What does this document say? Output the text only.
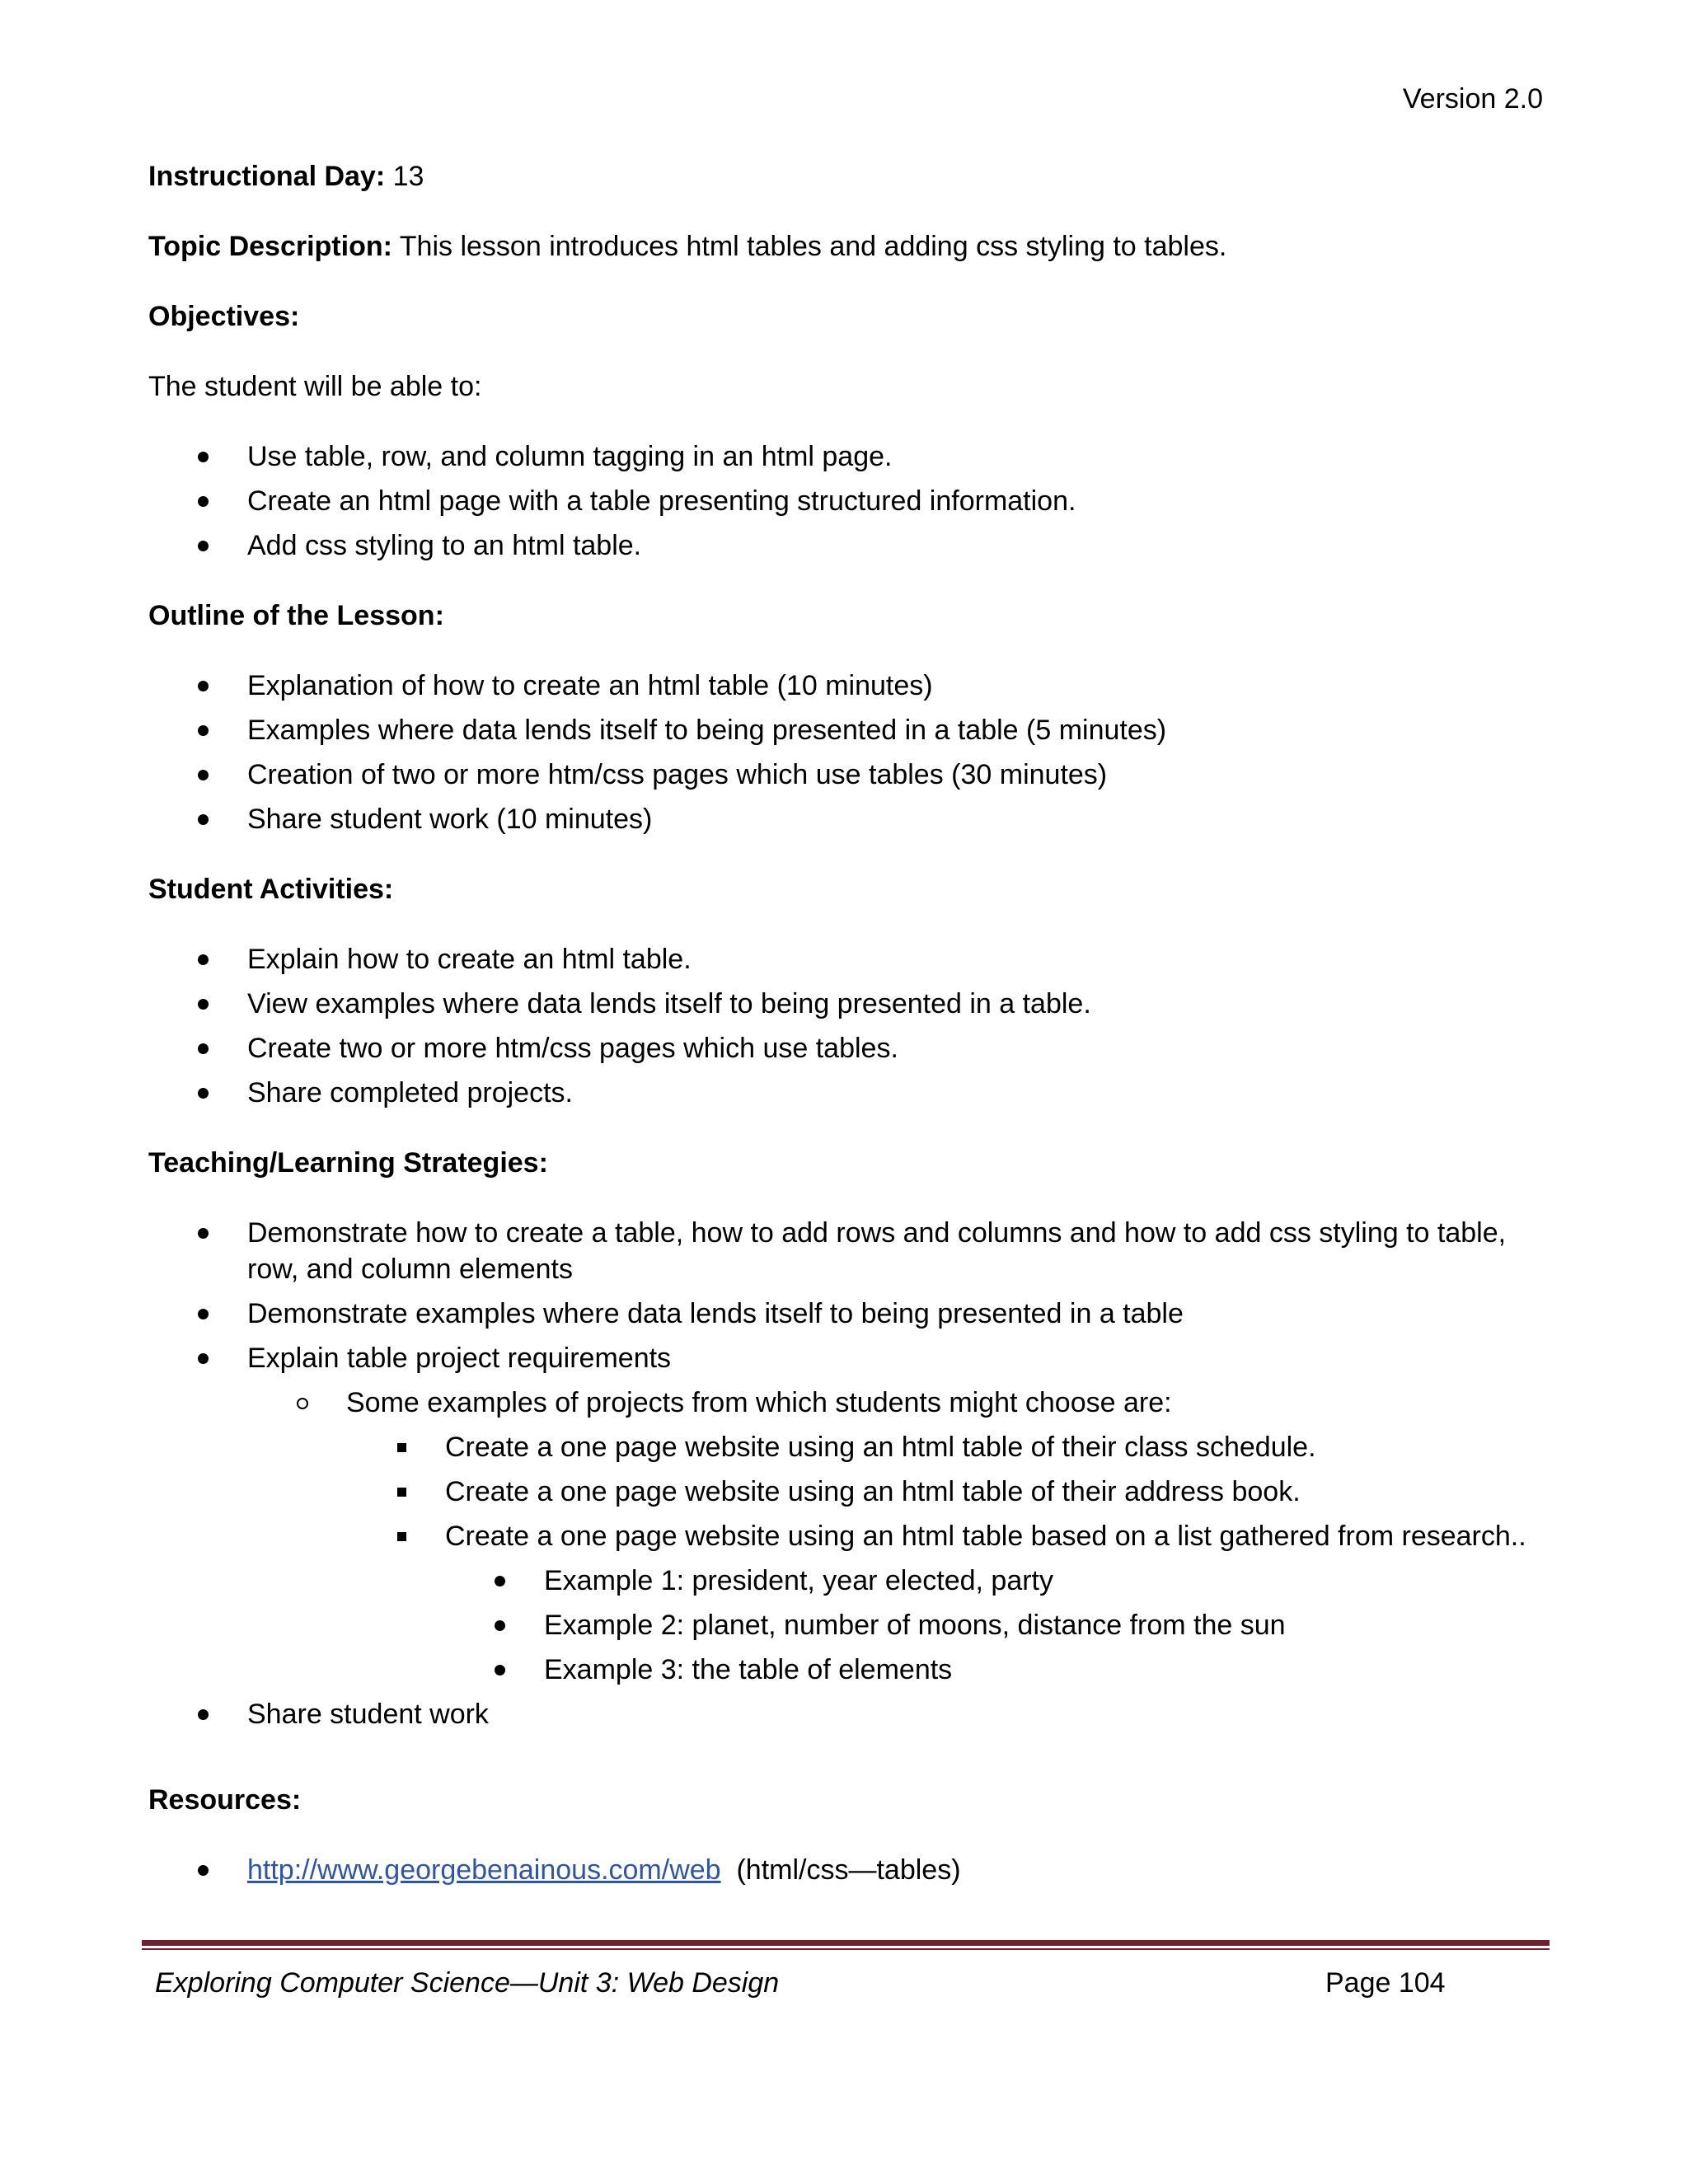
Version 2.0

Instructional Day: 13

Topic Description: This lesson introduces html tables and adding css styling to tables.

Objectives:

The student will be able to:

Use table, row, and column tagging in an html page.
Create an html page with a table presenting structured information.
Add css styling to an html table.

Outline of the Lesson:

Explanation of how to create an html table (10 minutes)
Examples where data lends itself to being presented in a table (5 minutes)
Creation of two or more htm/css pages which use tables (30 minutes)
Share student work (10 minutes)

Student Activities:

Explain how to create an html table.
View examples where data lends itself to being presented in a table.
Create two or more htm/css pages which use tables.
Share completed projects.

Teaching/Learning Strategies:

Demonstrate how to create a table, how to add rows and columns and how to add css styling to table, row, and column elements
Demonstrate examples where data lends itself to being presented in a table
Explain table project requirements
Some examples of projects from which students might choose are:
Create a one page website using an html table of their class schedule.
Create a one page website using an html table of their address book.
Create a one page website using an html table based on a list gathered from research..
Example 1: president, year elected, party
Example 2: planet, number of moons, distance from the sun
Example 3: the table of elements
Share student work

Resources:

http://www.georgebenainous.com/web  (html/css—tables)
Exploring Computer Science—Unit 3: Web Design	Page 104
